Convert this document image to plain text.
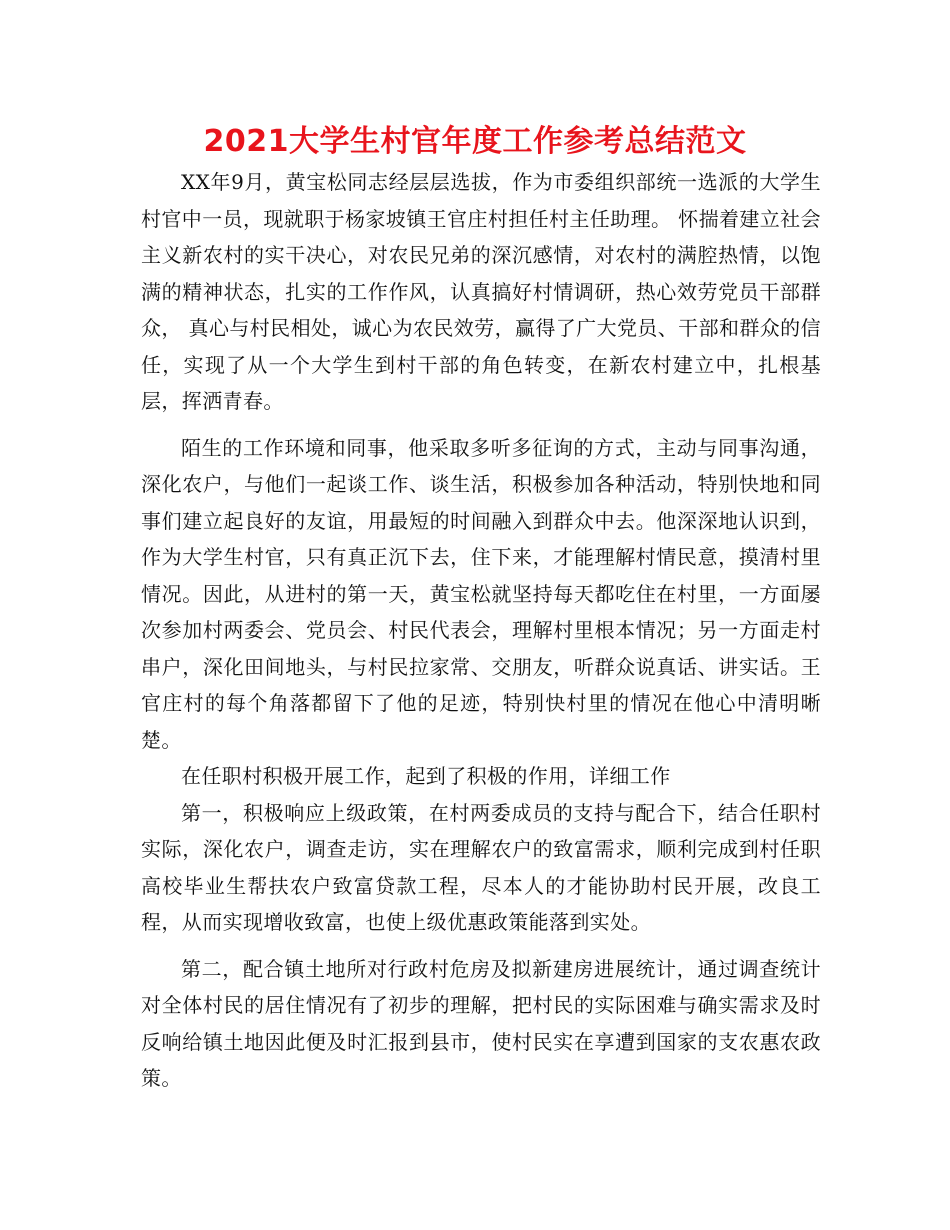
2021大学生村官年度工作参考总结范文

XX年9月，黄宝松同志经层层选拔，作为市委组织部统一选派的大学生村官中一员，现就职于杨家坡镇王官庄村担任村主任助理。 怀揣着建立社会主义新农村的实干决心，对农民兄弟的深沉感情，对农村的满腔热情，以饱满的精神状态，扎实的工作作风，认真搞好村情调研，热心效劳党员干部群众， 真心与村民相处，诚心为农民效劳，赢得了广大党员、干部和群众的信任，实现了从一个大学生到村干部的角色转变，在新农村建立中，扎根基层，挥洒青春。

陌生的工作环境和同事，他采取多听多征询的方式，主动与同事沟通，深化农户，与他们一起谈工作、谈生活，积极参加各种活动，特别快地和同事们建立起良好的友谊，用最短的时间融入到群众中去。他深深地认识到，作为大学生村官，只有真正沉下去，住下来，才能理解村情民意，摸清村里情况。因此，从进村的第一天，黄宝松就坚持每天都吃住在村里，一方面屡次参加村两委会、党员会、村民代表会，理解村里根本情况；另一方面走村串户，深化田间地头，与村民拉家常、交朋友，听群众说真话、讲实话。王官庄村的每个角落都留下了他的足迹，特别快村里的情况在他心中清明晰楚。

在任职村积极开展工作，起到了积极的作用，详细工作

第一，积极响应上级政策，在村两委成员的支持与配合下，结合任职村实际，深化农户，调查走访，实在理解农户的致富需求，顺利完成到村任职高校毕业生帮扶农户致富贷款工程，尽本人的才能协助村民开展，改良工程，从而实现增收致富，也使上级优惠政策能落到实处。

第二，配合镇土地所对行政村危房及拟新建房进展统计，通过调查统计对全体村民的居住情况有了初步的理解，把村民的实际困难与确实需求及时反响给镇土地因此便及时汇报到县市，使村民实在享遭到国家的支农惠农政策。
